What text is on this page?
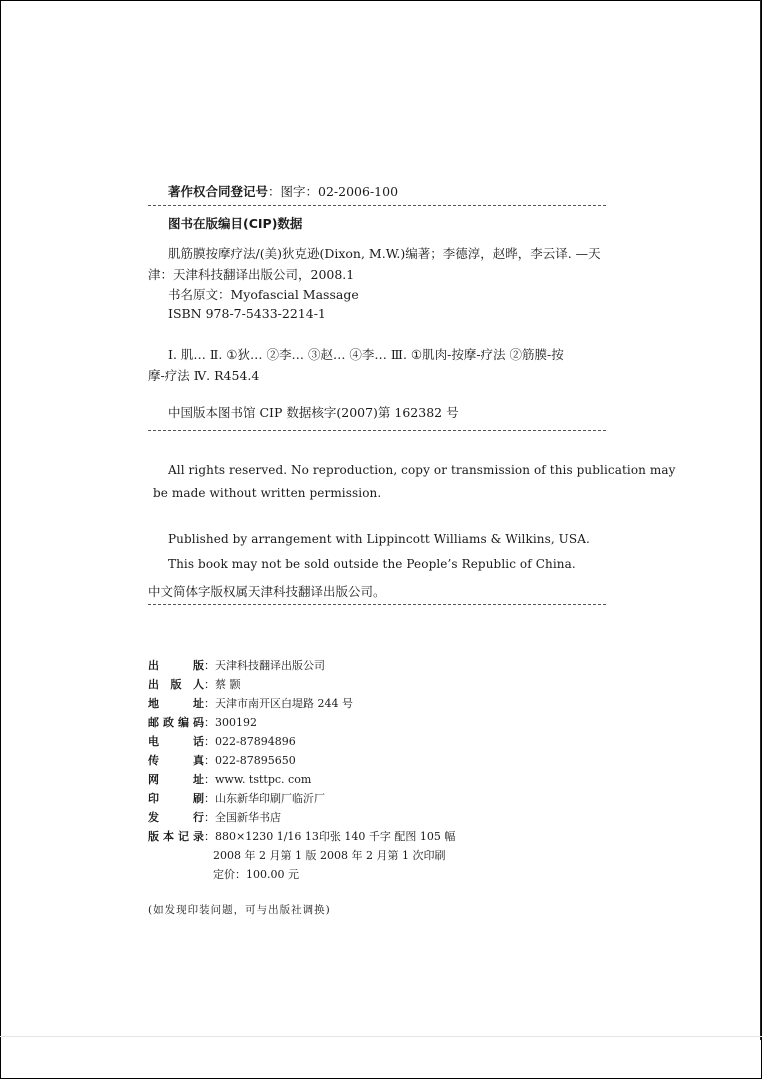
著作权合同登记号：图字：02-2006-100
图书在版编目(CIP)数据
肌筋膜按摩疗法/(美)狄克逊(Dixon, M.W.)编著；李德淳，赵晔，李云译. —天
津：天津科技翻译出版公司，2008.1
书名原文：Myofascial Massage
ISBN 978-7-5433-2214-1
Ⅰ. 肌… Ⅱ. ①狄… ②李… ③赵… ④李… Ⅲ. ①肌肉-按摩-疗法 ②筋膜-按
摩-疗法 Ⅳ. R454.4
中国版本图书馆 CIP 数据核字(2007)第 162382 号
All rights reserved. No reproduction, copy or transmission of this publication may
be made without written permission.
Published by arrangement with Lippincott Williams & Wilkins, USA.
This book may not be sold outside the People’s Republic of China.
中文简体字版权属天津科技翻译出版公司。
出版 ：天津科技翻译出版公司
出版人 ：蔡 颢
地址 ：天津市南开区白堤路 244 号
邮政编码 ：300192
电话 ：022-87894896
传真 ：022-87895650
网址 ：www. tsttpc. com
印刷 ：山东新华印刷厂临沂厂
发行 ：全国新华书店
版本记录 ：880×1230 1/16 13印张 140 千字 配图 105 幅
2008 年 2 月第 1 版 2008 年 2 月第 1 次印刷
定价：100.00 元
(如发现印装问题，可与出版社调换)
